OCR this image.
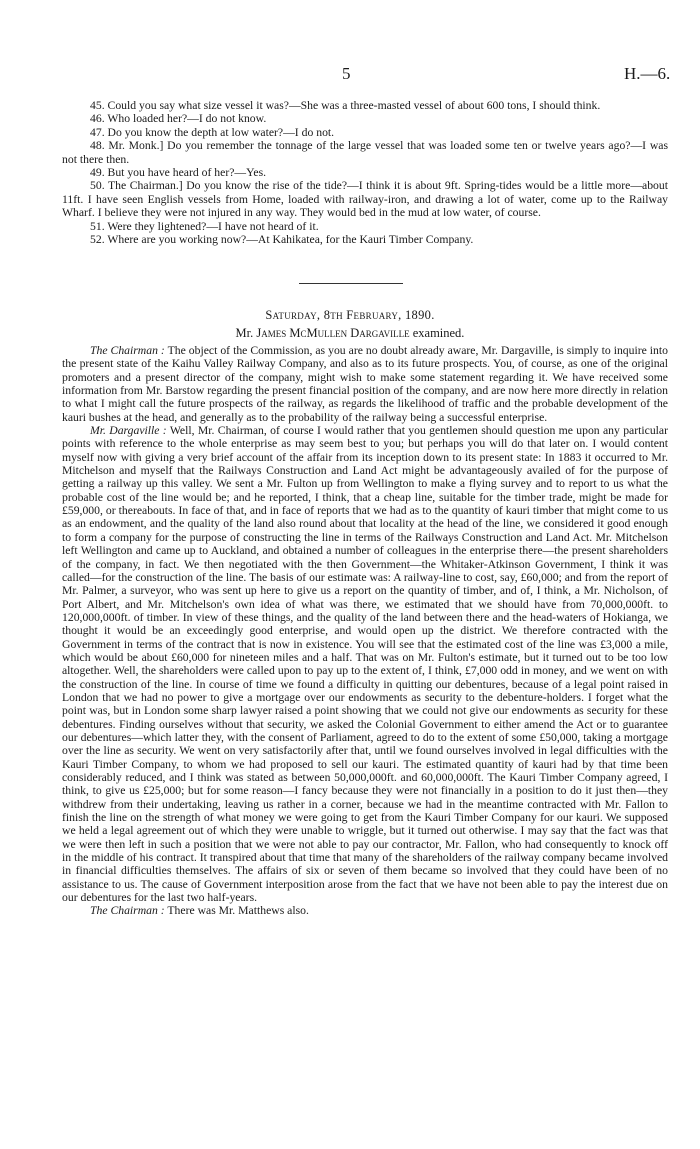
5	H.—6.

45. Could you say what size vessel it was?—She was a three-masted vessel of about 600 tons, I should think.

46. Who loaded her?—I do not know.

47. Do you know the depth at low water?—I do not.

48. Mr. Monk.] Do you remember the tonnage of the large vessel that was loaded some ten or twelve years ago?—I was not there then.

49. But you have heard of her?—Yes.

50. The Chairman.] Do you know the rise of the tide?—I think it is about 9ft. Spring-tides would be a little more—about 11ft. I have seen English vessels from Home, loaded with railway-iron, and drawing a lot of water, come up to the Railway Wharf. I believe they were not injured in any way. They would bed in the mud at low water, of course.

51. Were they lightened?—I have not heard of it.

52. Where are you working now?—At Kahikatea, for the Kauri Timber Company.

Saturday, 8th February, 1890.
Mr. James McMullen Dargaville examined.

The Chairman : The object of the Commission, as you are no doubt already aware, Mr. Dargaville, is simply to inquire into the present state of the Kaihu Valley Railway Company, and also as to its future prospects. You, of course, as one of the original promoters and a present director of the company, might wish to make some statement regarding it. We have received some information from Mr. Barstow regarding the present financial position of the company, and are now here more directly in relation to what I might call the future prospects of the railway, as regards the likelihood of traffic and the probable development of the kauri bushes at the head, and generally as to the probability of the railway being a successful enterprise.

Mr. Dargaville : Well, Mr. Chairman, of course I would rather that you gentlemen should question me upon any particular points with reference to the whole enterprise as may seem best to you; but perhaps you will do that later on. I would content myself now with giving a very brief account of the affair from its inception down to its present state: In 1883 it occurred to Mr. Mitchelson and myself that the Railways Construction and Land Act might be advantageously availed of for the purpose of getting a railway up this valley. We sent a Mr. Fulton up from Wellington to make a flying survey and to report to us what the probable cost of the line would be; and he reported, I think, that a cheap line, suitable for the timber trade, might be made for £59,000, or thereabouts. In face of that, and in face of reports that we had as to the quantity of kauri timber that might come to us as an endowment, and the quality of the land also round about that locality at the head of the line, we considered it good enough to form a company for the purpose of constructing the line in terms of the Railways Construction and Land Act. Mr. Mitchelson left Wellington and came up to Auckland, and obtained a number of colleagues in the enterprise there—the present shareholders of the company, in fact. We then negotiated with the then Government—the Whitaker-Atkinson Government, I think it was called—for the construction of the line. The basis of our estimate was: A railway-line to cost, say, £60,000; and from the report of Mr. Palmer, a surveyor, who was sent up here to give us a report on the quantity of timber, and of, I think, a Mr. Nicholson, of Port Albert, and Mr. Mitchelson's own idea of what was there, we estimated that we should have from 70,000,000ft. to 120,000,000ft. of timber. In view of these things, and the quality of the land between there and the head-waters of Hokianga, we thought it would be an exceedingly good enterprise, and would open up the district. We therefore contracted with the Government in terms of the contract that is now in existence. You will see that the estimated cost of the line was £3,000 a mile, which would be about £60,000 for nineteen miles and a half. That was on Mr. Fulton's estimate, but it turned out to be too low altogether. Well, the shareholders were called upon to pay up to the extent of, I think, £7,000 odd in money, and we went on with the construction of the line. In course of time we found a difficulty in quitting our debentures, because of a legal point raised in London that we had no power to give a mortgage over our endowments as security to the debenture-holders. I forget what the point was, but in London some sharp lawyer raised a point showing that we could not give our endowments as security for these debentures. Finding ourselves without that security, we asked the Colonial Government to either amend the Act or to guarantee our debentures—which latter they, with the consent of Parliament, agreed to do to the extent of some £50,000, taking a mortgage over the line as security. We went on very satisfactorily after that, until we found ourselves involved in legal difficulties with the Kauri Timber Company, to whom we had proposed to sell our kauri. The estimated quantity of kauri had by that time been considerably reduced, and I think was stated as between 50,000,000ft. and 60,000,000ft. The Kauri Timber Company agreed, I think, to give us £25,000; but for some reason—I fancy because they were not financially in a position to do it just then—they withdrew from their undertaking, leaving us rather in a corner, because we had in the meantime contracted with Mr. Fallon to finish the line on the strength of what money we were going to get from the Kauri Timber Company for our kauri. We supposed we held a legal agreement out of which they were unable to wriggle, but it turned out otherwise. I may say that the fact was that we were then left in such a position that we were not able to pay our contractor, Mr. Fallon, who had consequently to knock off in the middle of his contract. It transpired about that time that many of the shareholders of the railway company became involved in financial difficulties themselves. The affairs of six or seven of them became so involved that they could have been of no assistance to us. The cause of Government interposition arose from the fact that we have not been able to pay the interest due on our debentures for the last two half-years.

The Chairman : There was Mr. Matthews also.
